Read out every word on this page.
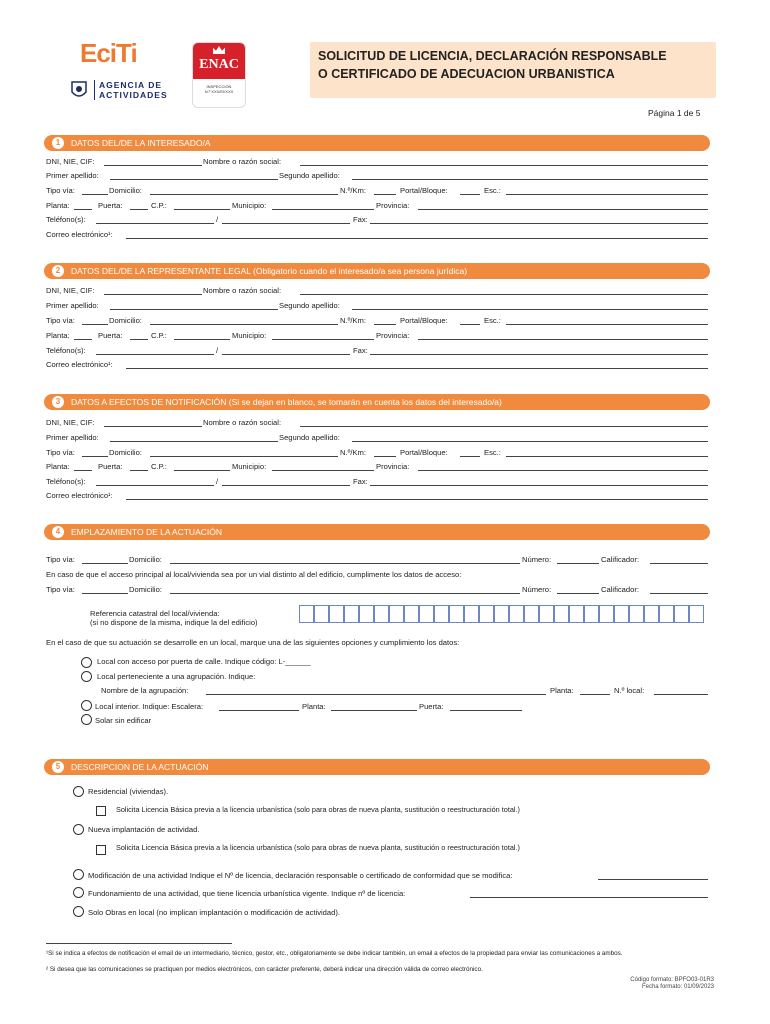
EciTi
AGENCIA DE
ACTIVIDADES
ENAC
INSPECCIÓN
N.º XXX/EI/XXX
SOLICITUD DE LICENCIA, DECLARACIÓN RESPONSABLE
O CERTIFICADO DE ADECUACION URBANISTICA
Página 1 de 5
1	DATOS DEL/DE LA INTERESADO/A
DNI, NIE, CIF:	Nombre o razón social:
Primer apellido:	Segundo apellido:
Tipo vía:	Domicilio:	N.º/Km:	Portal/Bloque:	Esc.:
Planta:	Puerta:	C.P.:	Municipio:	Provincia:
Teléfono(s):	/	Fax:
Correo electrónico¹:
2	DATOS DEL/DE LA REPRESENTANTE LEGAL (Obligatorio cuando el interesado/a sea persona jurídica)
DNI, NIE, CIF:	Nombre o razón social:
Primer apellido:	Segundo apellido:
Tipo vía:	Domicilio:	N.º/Km:	Portal/Bloque:	Esc.:
Planta:	Puerta:	C.P.:	Municipio:	Provincia:
Teléfono(s):	/	Fax:
Correo electrónico¹:
3	DATOS A EFECTOS DE NOTIFICACIÓN (Si se dejan en blanco, se tomarán en cuenta los datos del interesado/a)
DNI, NIE, CIF:	Nombre o razón social:
Primer apellido:	Segundo apellido:
Tipo vía:	Domicilio:	N.º/Km:	Portal/Bloque:	Esc.:
Planta:	Puerta:	C.P.:	Municipio:	Provincia:
Teléfono(s):	/	Fax:
Correo electrónico¹:
4	EMPLAZAMIENTO DE LA ACTUACIÓN
Tipo vía:	Domicilio:	Número:	Calificador:
En caso de que el acceso principal al local/vivienda sea por un vial distinto al del edificio, cumplimente los datos de acceso:
Tipo vía:	Domicilio:	Número:	Calificador:
Referencia catastral del local/vivienda:
(si no dispone de la misma, indique la del edificio)
En el caso de que su actuación se desarrolle en un local, marque una de las siguientes opciones y cumplimiento los datos:
Local con acceso por puerta de calle. Indique código: L-______
Local perteneciente a una agrupación. Indique:
Nombre de la agrupación:	Planta:	N.º local:
Local interior. Indique: Escalera:	Planta:	Puerta:
Solar sin edificar
5	DESCRIPCION DE LA ACTUACIÓN
Residencial (viviendas).
Solicita Licencia Básica previa a la licencia urbanística (solo para obras de nueva planta, sustitución o reestructuración total.)
Nueva implantación de actividad.
Solicita Licencia Básica previa a la licencia urbanística (solo para obras de nueva planta, sustitución o reestructuración total.)
Modificación de una actividad Indique el Nº de licencia, declaración responsable o certificado de conformidad que se modifica:
Fundonamiento de una actividad, que tiene licencia urbanística vigente. Indique nº de licencia:
Solo Obras en local (no implican implantación o modificación de actividad).
¹Si se indica a efectos de notificación el email de un intermediario, técnico, gestor, etc., obligatoriamente se debe indicar también, un email a efectos de la propiedad para enviar las comunicaciones a ambos.
² Si desea que las comunicaciones se practiquen por medios electrónicos, con carácter preferente, deberá indicar una dirección válida de correo electrónico.
Código formato: BPFO03-01R3
Fecha formato: 01/09/2023
